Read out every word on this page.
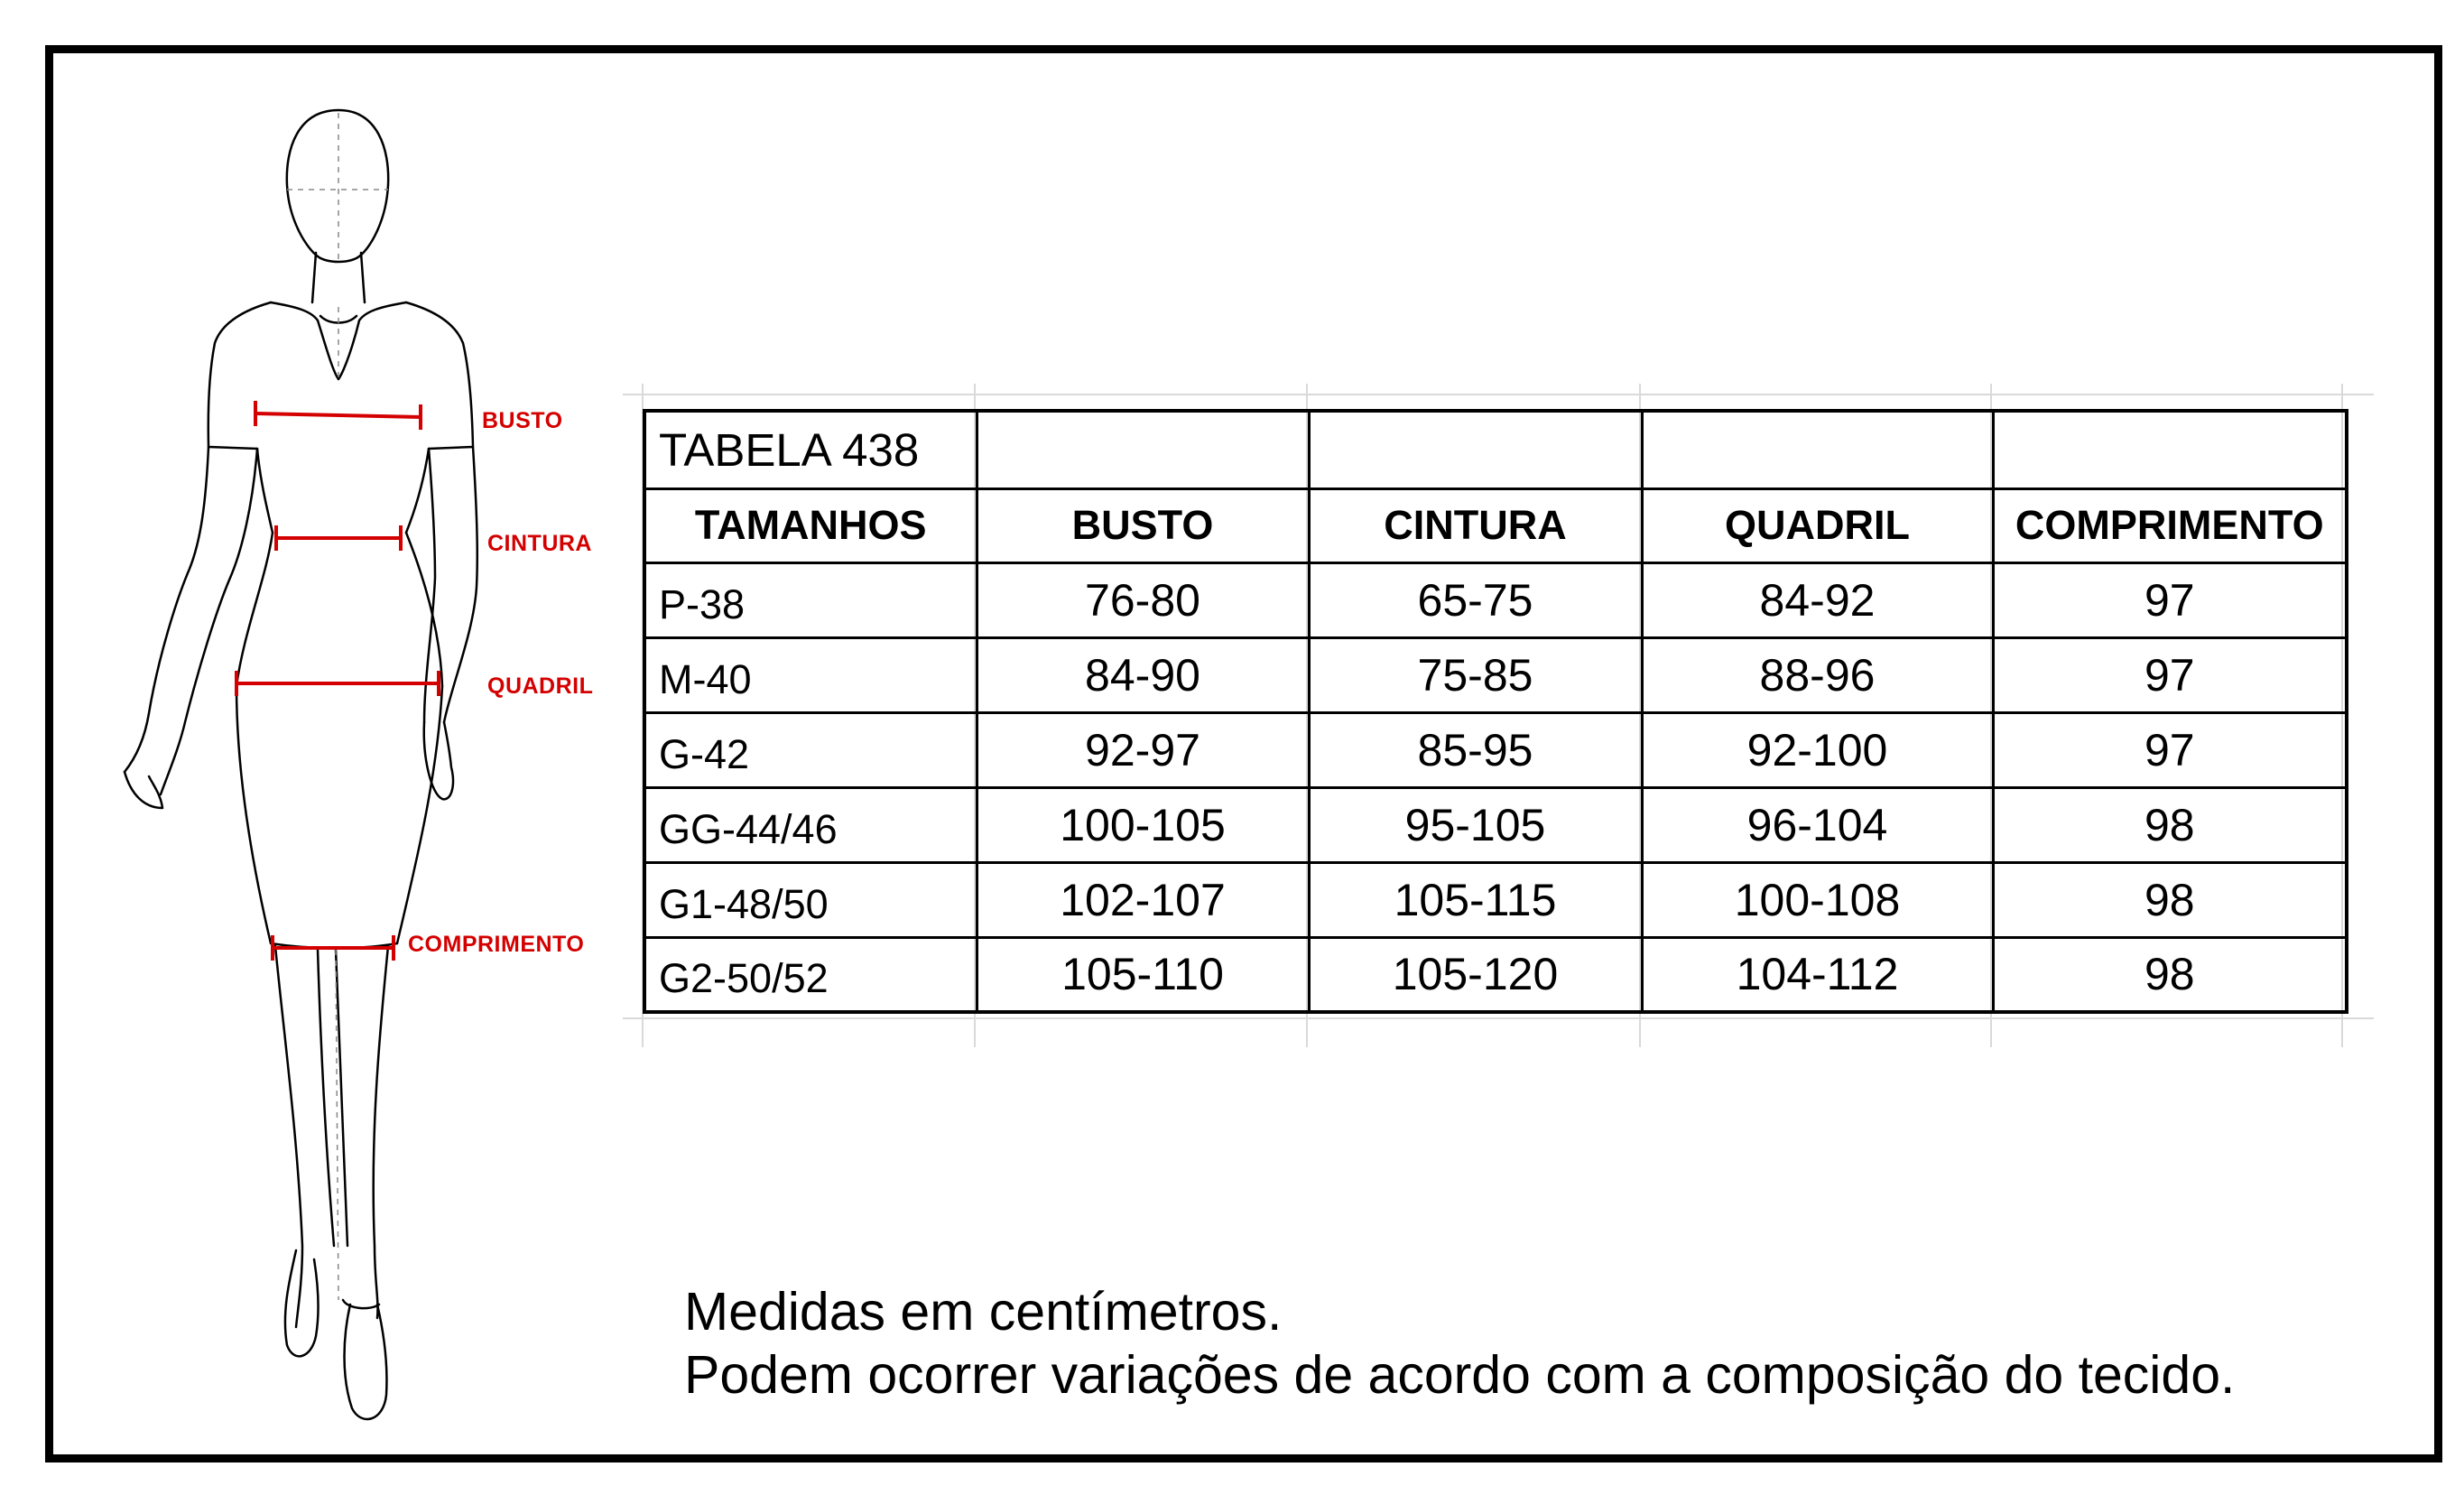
BUSTO
CINTURA
QUADRIL
COMPRIMENTO
TABELA 438				
TAMANHOS	BUSTO	CINTURA	QUADRIL	COMPRIMENTO
P-38	76-80	65-75	84-92	97
M-40	84-90	75-85	88-96	97
G-42	92-97	85-95	92-100	97
GG-44/46	100-105	95-105	96-104	98
G1-48/50	102-107	105-115	100-108	98
G2-50/52	105-110	105-120	104-112	98
Medidas em centímetros.
Podem ocorrer variações de acordo com a composição do tecido.
